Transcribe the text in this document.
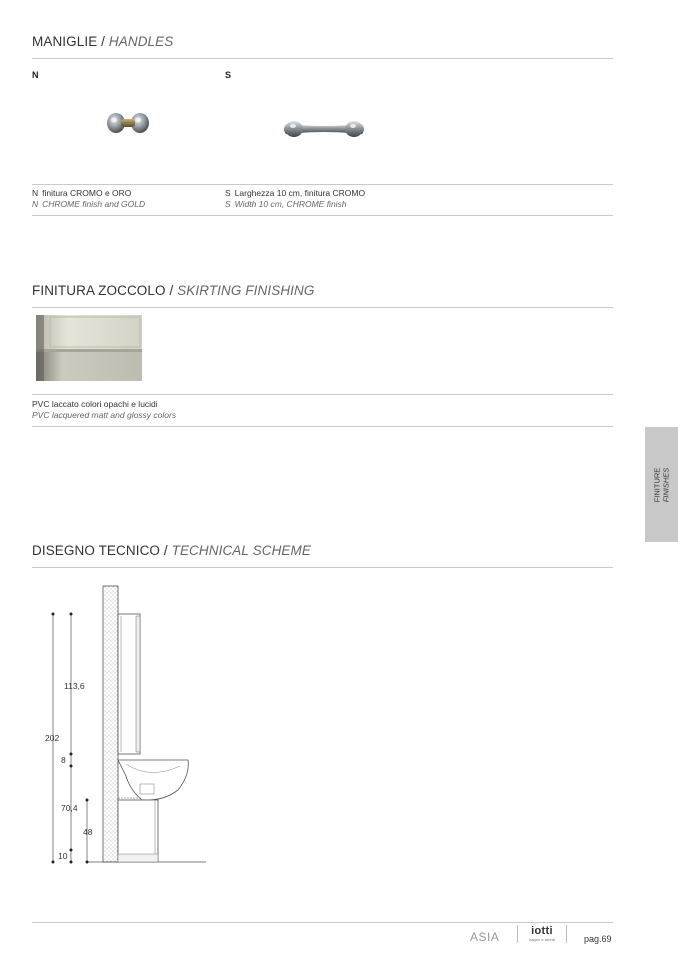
MANIGLIE / HANDLES
N	S
N finitura CROMO e ORO
N CHROME finish and GOLD
S Larghezza 10 cm, finitura CROMO
S Width 10 cm, CHROME finish
FINITURA ZOCCOLO / SKIRTING FINISHING
PVC laccato colori opachi e lucidi
PVC lacquered matt and glossy colors
FINITURE FINISHES
DISEGNO TECNICO / TECHNICAL SCHEME
113,6
202
8
70,4
48
10
ASIA	iotti
bagno e arredi	pag.69
